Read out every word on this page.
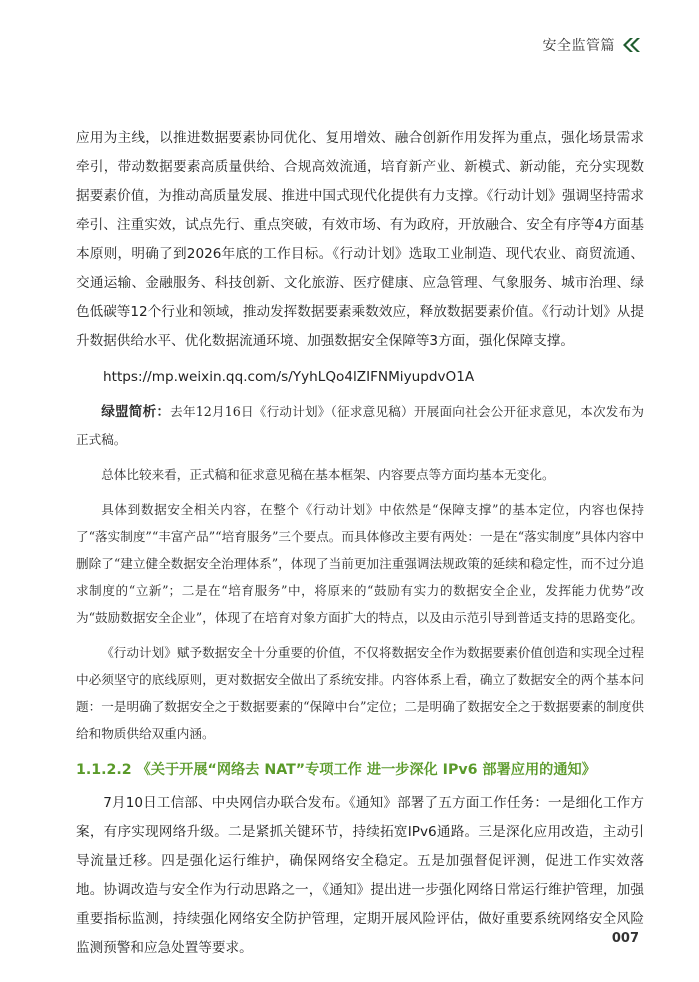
安全监管篇

应用为主线，以推进数据要素协同优化、复用增效、融合创新作用发挥为重点，强化场景需求牵引，带动数据要素高质量供给、合规高效流通，培育新产业、新模式、新动能，充分实现数据要素价值，为推动高质量发展、推进中国式现代化提供有力支撑。《行动计划》强调坚持需求牵引、注重实效，试点先行、重点突破，有效市场、有为政府，开放融合、安全有序等4方面基本原则，明确了到2026年底的工作目标。《行动计划》选取工业制造、现代农业、商贸流通、交通运输、金融服务、科技创新、文化旅游、医疗健康、应急管理、气象服务、城市治理、绿色低碳等12个行业和领域，推动发挥数据要素乘数效应，释放数据要素价值。《行动计划》从提升数据供给水平、优化数据流通环境、加强数据安全保障等3方面，强化保障支撑。

https://mp.weixin.qq.com/s/YyhLQo4lZIFNMiyupdvO1A

绿盟简析：去年12月16日《行动计划》（征求意见稿）开展面向社会公开征求意见，本次发布为正式稿。

总体比较来看，正式稿和征求意见稿在基本框架、内容要点等方面均基本无变化。

具体到数据安全相关内容，在整个《行动计划》中依然是“保障支撑”的基本定位，内容也保持了“落实制度”“丰富产品”“培育服务”三个要点。而具体修改主要有两处：一是在“落实制度”具体内容中删除了“建立健全数据安全治理体系”，体现了当前更加注重强调法规政策的延续和稳定性，而不过分追求制度的“立新”；二是在“培育服务”中，将原来的“鼓励有实力的数据安全企业，发挥能力优势”改为“鼓励数据安全企业”，体现了在培育对象方面扩大的特点，以及由示范引导到普适支持的思路变化。

《行动计划》赋予数据安全十分重要的价值，不仅将数据安全作为数据要素价值创造和实现全过程中必须坚守的底线原则，更对数据安全做出了系统安排。内容体系上看，确立了数据安全的两个基本问题：一是明确了数据安全之于数据要素的“保障中台”定位；二是明确了数据安全之于数据要素的制度供给和物质供给双重内涵。

1.1.2.2 《关于开展“网络去 NAT”专项工作 进一步深化 IPv6 部署应用的通知》

7月10日工信部、中央网信办联合发布。《通知》部署了五方面工作任务：一是细化工作方案，有序实现网络升级。二是紧抓关键环节，持续拓宽IPv6通路。三是深化应用改造，主动引导流量迁移。四是强化运行维护，确保网络安全稳定。五是加强督促评测，促进工作实效落地。协调改造与安全作为行动思路之一，《通知》提出进一步强化网络日常运行维护管理，加强重要指标监测，持续强化网络安全防护管理，定期开展风险评估，做好重要系统网络安全风险监测预警和应急处置等要求。

007
